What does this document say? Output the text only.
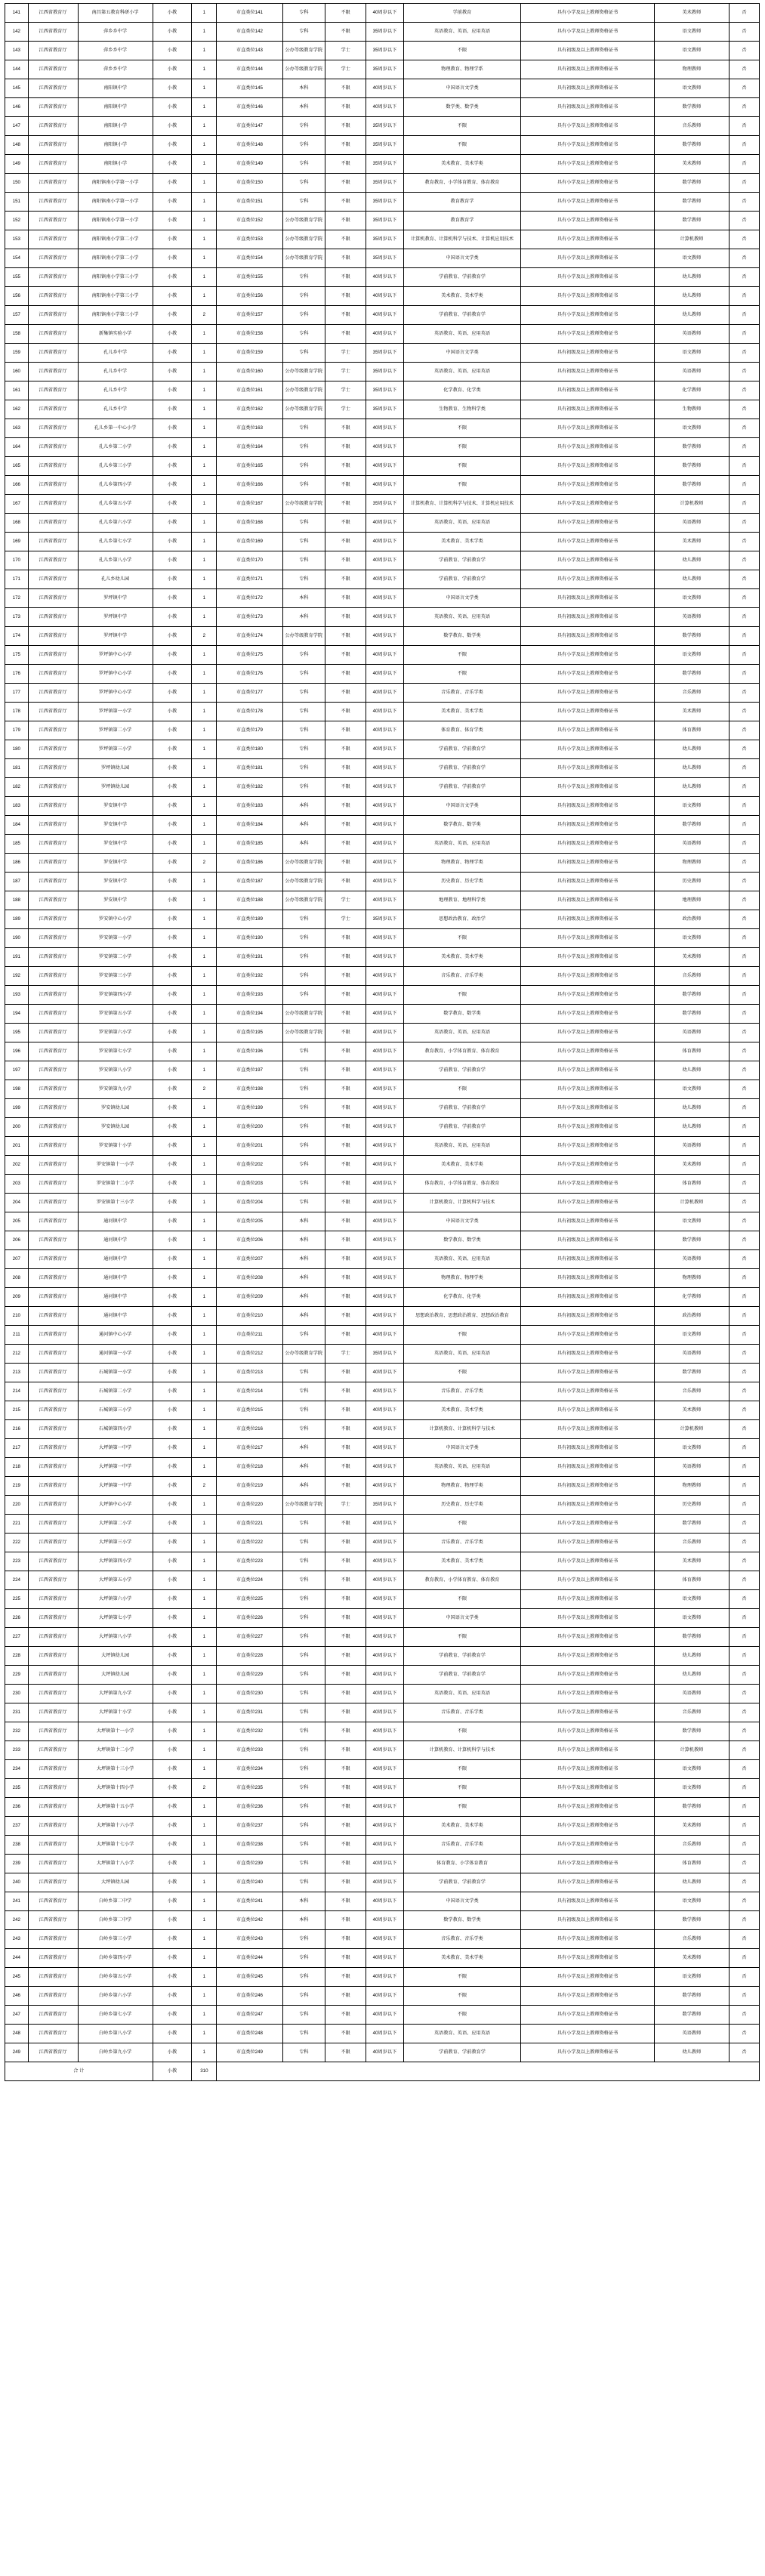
141	江西省教育厅	南昌第五教育科研小学	小教	1	市直类位141	专科	不限	40周岁以下	学前教育	具有小学及以上教师资格证书	美术教师	否
142	江西省教育厅	萍乡乡中学	小教	1	市直类位142	专科	不限	35周岁以下	英语教育、英语、应用英语	具有小学及以上教师资格证书	语文教师	否
143	江西省教育厅	萍乡乡中学	小教	1	市直类位143	公办等级教育学院	学士	35周岁以下	不限	具有初级及以上教师资格证书	语文教师	否
144	江西省教育厅	萍乡乡中学	小教	1	市直类位144	公办等级教育学院	学士	35周岁以下	物理教育、物理学系	具有初级及以上教师资格证书	物理教师	否
145	江西省教育厅	南阳镇中学	小教	1	市直类位145	本科	不限	40周岁以下	中国语言文学类	具有初级及以上教师资格证书	语文教师	否
146	江西省教育厅	南阳镇中学	小教	1	市直类位146	本科	不限	40周岁以下	数学类、数学类	具有初级及以上教师资格证书	数学教师	否
147	江西省教育厅	南阳镇小学	小教	1	市直类位147	专科	不限	35周岁以下	不限	具有小学及以上教师资格证书	音乐教师	否
148	江西省教育厅	南阳镇小学	小教	1	市直类位148	专科	不限	35周岁以下	不限	具有小学及以上教师资格证书	数学教师	否
149	江西省教育厅	南阳镇小学	小教	1	市直类位149	专科	不限	35周岁以下	美术教育、美术学类	具有小学及以上教师资格证书	美术教师	否
150	江西省教育厅	南阳镇南小学第一小学	小教	1	市直类位150	专科	不限	35周岁以下	教育教育、小学体育教育、体育教育	具有小学及以上教师资格证书	数学教师	否
151	江西省教育厅	南阳镇南小学第一小学	小教	1	市直类位151	专科	不限	35周岁以下	教育教育学	具有小学及以上教师资格证书	数学教师	否
152	江西省教育厅	南阳镇南小学第一小学	小教	1	市直类位152	公办等级教育学院	不限	35周岁以下	教育教育学	具有小学及以上教师资格证书	数学教师	否
153	江西省教育厅	南阳镇南小学第二小学	小教	1	市直类位153	公办等级教育学院	不限	35周岁以下	计算机教育、计算机科学与技术、计算机应用技术	具有小学及以上教师资格证书	计算机教师	否
154	江西省教育厅	南阳镇南小学第二小学	小教	1	市直类位154	公办等级教育学院	不限	35周岁以下	中国语言文学类	具有小学及以上教师资格证书	语文教师	否
155	江西省教育厅	南阳镇南小学第三小学	小教	1	市直类位155	专科	不限	40周岁以下	学前教育、学前教育学	具有小学及以上教师资格证书	幼儿教师	否
156	江西省教育厅	南阳镇南小学第三小学	小教	1	市直类位156	专科	不限	40周岁以下	美术教育、美术学类	具有小学及以上教师资格证书	幼儿教师	否
157	江西省教育厅	南阳镇南小学第三小学	小教	2	市直类位157	专科	不限	40周岁以下	学前教育、学前教育学	具有小学及以上教师资格证书	幼儿教师	否
158	江西省教育厅	新集镇实验小学	小教	1	市直类位158	专科	不限	40周岁以下	英语教育、英语、应用英语	具有小学及以上教师资格证书	英语教师	否
159	江西省教育厅	孔儿乡中学	小教	1	市直类位159	专科	学士	35周岁以下	中国语言文学类	具有初级及以上教师资格证书	语文教师	否
160	江西省教育厅	孔儿乡中学	小教	1	市直类位160	公办等级教育学院	学士	35周岁以下	英语教育、英语、应用英语	具有初级及以上教师资格证书	英语教师	否
161	江西省教育厅	孔儿乡中学	小教	1	市直类位161	公办等级教育学院	学士	35周岁以下	化学教育、化学类	具有初级及以上教师资格证书	化学教师	否
162	江西省教育厅	孔儿乡中学	小教	1	市直类位162	公办等级教育学院	学士	35周岁以下	生物教育、生物科学类	具有初级及以上教师资格证书	生物教师	否
163	江西省教育厅	孔儿乡第一中心小学	小教	1	市直类位163	专科	不限	40周岁以下	不限	具有小学及以上教师资格证书	语文教师	否
164	江西省教育厅	孔儿乡第二小学	小教	1	市直类位164	专科	不限	40周岁以下	不限	具有小学及以上教师资格证书	数学教师	否
165	江西省教育厅	孔儿乡第三小学	小教	1	市直类位165	专科	不限	40周岁以下	不限	具有小学及以上教师资格证书	数学教师	否
166	江西省教育厅	孔儿乡第四小学	小教	1	市直类位166	专科	不限	40周岁以下	不限	具有小学及以上教师资格证书	数学教师	否
167	江西省教育厅	孔儿乡第五小学	小教	1	市直类位167	公办等级教育学院	不限	35周岁以下	计算机教育、计算机科学与技术、计算机应用技术	具有小学及以上教师资格证书	计算机教师	否
168	江西省教育厅	孔儿乡第六小学	小教	1	市直类位168	专科	不限	40周岁以下	英语教育、英语、应用英语	具有小学及以上教师资格证书	英语教师	否
169	江西省教育厅	孔儿乡第七小学	小教	1	市直类位169	专科	不限	40周岁以下	美术教育、美术学类	具有小学及以上教师资格证书	美术教师	否
170	江西省教育厅	孔儿乡第八小学	小教	1	市直类位170	专科	不限	40周岁以下	学前教育、学前教育学	具有小学及以上教师资格证书	幼儿教师	否
171	江西省教育厅	孔儿乡幼儿园	小教	1	市直类位171	专科	不限	40周岁以下	学前教育、学前教育学	具有小学及以上教师资格证书	幼儿教师	否
172	江西省教育厅	罗坪镇中学	小教	1	市直类位172	本科	不限	40周岁以下	中国语言文学类	具有初级及以上教师资格证书	语文教师	否
173	江西省教育厅	罗坪镇中学	小教	1	市直类位173	本科	不限	40周岁以下	英语教育、英语、应用英语	具有初级及以上教师资格证书	英语教师	否
174	江西省教育厅	罗坪镇中学	小教	2	市直类位174	公办等级教育学院	不限	40周岁以下	数学教育、数学类	具有初级及以上教师资格证书	数学教师	否
175	江西省教育厅	罗坪镇中心小学	小教	1	市直类位175	专科	不限	40周岁以下	不限	具有小学及以上教师资格证书	语文教师	否
176	江西省教育厅	罗坪镇中心小学	小教	1	市直类位176	专科	不限	40周岁以下	不限	具有小学及以上教师资格证书	数学教师	否
177	江西省教育厅	罗坪镇中心小学	小教	1	市直类位177	专科	不限	40周岁以下	音乐教育、音乐学类	具有小学及以上教师资格证书	音乐教师	否
178	江西省教育厅	罗坪镇第一小学	小教	1	市直类位178	专科	不限	40周岁以下	美术教育、美术学类	具有小学及以上教师资格证书	美术教师	否
179	江西省教育厅	罗坪镇第二小学	小教	1	市直类位179	专科	不限	40周岁以下	体育教育、体育学类	具有小学及以上教师资格证书	体育教师	否
180	江西省教育厅	罗坪镇第三小学	小教	1	市直类位180	专科	不限	40周岁以下	学前教育、学前教育学	具有小学及以上教师资格证书	幼儿教师	否
181	江西省教育厅	罗坪镇幼儿园	小教	1	市直类位181	专科	不限	40周岁以下	学前教育、学前教育学	具有小学及以上教师资格证书	幼儿教师	否
182	江西省教育厅	罗坪镇幼儿园	小教	1	市直类位182	专科	不限	40周岁以下	学前教育、学前教育学	具有小学及以上教师资格证书	幼儿教师	否
183	江西省教育厅	罗安镇中学	小教	1	市直类位183	本科	不限	40周岁以下	中国语言文学类	具有初级及以上教师资格证书	语文教师	否
184	江西省教育厅	罗安镇中学	小教	1	市直类位184	本科	不限	40周岁以下	数学教育、数学类	具有初级及以上教师资格证书	数学教师	否
185	江西省教育厅	罗安镇中学	小教	1	市直类位185	本科	不限	40周岁以下	英语教育、英语、应用英语	具有初级及以上教师资格证书	英语教师	否
186	江西省教育厅	罗安镇中学	小教	2	市直类位186	公办等级教育学院	不限	40周岁以下	物理教育、物理学类	具有初级及以上教师资格证书	物理教师	否
187	江西省教育厅	罗安镇中学	小教	1	市直类位187	公办等级教育学院	不限	40周岁以下	历史教育、历史学类	具有初级及以上教师资格证书	历史教师	否
188	江西省教育厅	罗安镇中学	小教	1	市直类位188	公办等级教育学院	学士	40周岁以下	地理教育、地理科学类	具有初级及以上教师资格证书	地理教师	否
189	江西省教育厅	罗安镇中心小学	小教	1	市直类位189	专科	学士	35周岁以下	思想政治教育、政治学	具有初级及以上教师资格证书	政治教师	否
190	江西省教育厅	罗安镇第一小学	小教	1	市直类位190	专科	不限	40周岁以下	不限	具有小学及以上教师资格证书	语文教师	否
191	江西省教育厅	罗安镇第二小学	小教	1	市直类位191	专科	不限	40周岁以下	美术教育、美术学类	具有小学及以上教师资格证书	美术教师	否
192	江西省教育厅	罗安镇第三小学	小教	1	市直类位192	专科	不限	40周岁以下	音乐教育、音乐学类	具有小学及以上教师资格证书	音乐教师	否
193	江西省教育厅	罗安镇第四小学	小教	1	市直类位193	专科	不限	40周岁以下	不限	具有小学及以上教师资格证书	数学教师	否
194	江西省教育厅	罗安镇第五小学	小教	1	市直类位194	公办等级教育学院	不限	40周岁以下	数学教育、数学类	具有小学及以上教师资格证书	数学教师	否
195	江西省教育厅	罗安镇第六小学	小教	1	市直类位195	公办等级教育学院	不限	40周岁以下	英语教育、英语、应用英语	具有小学及以上教师资格证书	英语教师	否
196	江西省教育厅	罗安镇第七小学	小教	1	市直类位196	专科	不限	40周岁以下	教育教育、小学体育教育、体育教育	具有小学及以上教师资格证书	体育教师	否
197	江西省教育厅	罗安镇第八小学	小教	1	市直类位197	专科	不限	40周岁以下	学前教育、学前教育学	具有小学及以上教师资格证书	幼儿教师	否
198	江西省教育厅	罗安镇第九小学	小教	2	市直类位198	专科	不限	40周岁以下	不限	具有小学及以上教师资格证书	语文教师	否
199	江西省教育厅	罗安镇幼儿园	小教	1	市直类位199	专科	不限	40周岁以下	学前教育、学前教育学	具有小学及以上教师资格证书	幼儿教师	否
200	江西省教育厅	罗安镇幼儿园	小教	1	市直类位200	专科	不限	40周岁以下	学前教育、学前教育学	具有小学及以上教师资格证书	幼儿教师	否
201	江西省教育厅	罗安镇第十小学	小教	1	市直类位201	专科	不限	40周岁以下	英语教育、英语、应用英语	具有小学及以上教师资格证书	英语教师	否
202	江西省教育厅	罗安镇第十一小学	小教	1	市直类位202	专科	不限	40周岁以下	美术教育、美术学类	具有小学及以上教师资格证书	美术教师	否
203	江西省教育厅	罗安镇第十二小学	小教	1	市直类位203	专科	不限	40周岁以下	体育教育、小学体育教育、体育教育	具有小学及以上教师资格证书	体育教师	否
204	江西省教育厅	罗安镇第十三小学	小教	1	市直类位204	专科	不限	40周岁以下	计算机教育、计算机科学与技术	具有小学及以上教师资格证书	计算机教师	否
205	江西省教育厅	通河镇中学	小教	1	市直类位205	本科	不限	40周岁以下	中国语言文学类	具有初级及以上教师资格证书	语文教师	否
206	江西省教育厅	通河镇中学	小教	1	市直类位206	本科	不限	40周岁以下	数学教育、数学类	具有初级及以上教师资格证书	数学教师	否
207	江西省教育厅	通河镇中学	小教	1	市直类位207	本科	不限	40周岁以下	英语教育、英语、应用英语	具有初级及以上教师资格证书	英语教师	否
208	江西省教育厅	通河镇中学	小教	1	市直类位208	本科	不限	40周岁以下	物理教育、物理学类	具有初级及以上教师资格证书	物理教师	否
209	江西省教育厅	通河镇中学	小教	1	市直类位209	本科	不限	40周岁以下	化学教育、化学类	具有初级及以上教师资格证书	化学教师	否
210	江西省教育厅	通河镇中学	小教	1	市直类位210	本科	不限	40周岁以下	思想政治教育、思想政治教育、思想政治教育	具有初级及以上教师资格证书	政治教师	否
211	江西省教育厅	通河镇中心小学	小教	1	市直类位211	专科	不限	40周岁以下	不限	具有小学及以上教师资格证书	语文教师	否
212	江西省教育厅	通河镇第一小学	小教	1	市直类位212	公办等级教育学院	学士	35周岁以下	英语教育、英语、应用英语	具有初级及以上教师资格证书	英语教师	否
213	江西省教育厅	石城镇第一小学	小教	1	市直类位213	专科	不限	40周岁以下	不限	具有小学及以上教师资格证书	数学教师	否
214	江西省教育厅	石城镇第二小学	小教	1	市直类位214	专科	不限	40周岁以下	音乐教育、音乐学类	具有小学及以上教师资格证书	音乐教师	否
215	江西省教育厅	石城镇第三小学	小教	1	市直类位215	专科	不限	40周岁以下	美术教育、美术学类	具有小学及以上教师资格证书	美术教师	否
216	江西省教育厅	石城镇第四小学	小教	1	市直类位216	专科	不限	40周岁以下	计算机教育、计算机科学与技术	具有小学及以上教师资格证书	计算机教师	否
217	江西省教育厅	大坪镇第一中学	小教	1	市直类位217	本科	不限	40周岁以下	中国语言文学类	具有初级及以上教师资格证书	语文教师	否
218	江西省教育厅	大坪镇第一中学	小教	1	市直类位218	本科	不限	40周岁以下	英语教育、英语、应用英语	具有初级及以上教师资格证书	英语教师	否
219	江西省教育厅	大坪镇第一中学	小教	2	市直类位219	本科	不限	40周岁以下	物理教育、物理学类	具有初级及以上教师资格证书	物理教师	否
220	江西省教育厅	大坪镇中心小学	小教	1	市直类位220	公办等级教育学院	学士	35周岁以下	历史教育、历史学类	具有初级及以上教师资格证书	历史教师	否
221	江西省教育厅	大坪镇第二小学	小教	1	市直类位221	专科	不限	40周岁以下	不限	具有小学及以上教师资格证书	数学教师	否
222	江西省教育厅	大坪镇第三小学	小教	1	市直类位222	专科	不限	40周岁以下	音乐教育、音乐学类	具有小学及以上教师资格证书	音乐教师	否
223	江西省教育厅	大坪镇第四小学	小教	1	市直类位223	专科	不限	40周岁以下	美术教育、美术学类	具有小学及以上教师资格证书	美术教师	否
224	江西省教育厅	大坪镇第五小学	小教	1	市直类位224	专科	不限	40周岁以下	教育教育、小学体育教育、体育教育	具有小学及以上教师资格证书	体育教师	否
225	江西省教育厅	大坪镇第六小学	小教	1	市直类位225	专科	不限	40周岁以下	不限	具有小学及以上教师资格证书	语文教师	否
226	江西省教育厅	大坪镇第七小学	小教	1	市直类位226	专科	不限	40周岁以下	中国语言文学类	具有小学及以上教师资格证书	语文教师	否
227	江西省教育厅	大坪镇第八小学	小教	1	市直类位227	专科	不限	40周岁以下	不限	具有小学及以上教师资格证书	数学教师	否
228	江西省教育厅	大坪镇幼儿园	小教	1	市直类位228	专科	不限	40周岁以下	学前教育、学前教育学	具有小学及以上教师资格证书	幼儿教师	否
229	江西省教育厅	大坪镇幼儿园	小教	1	市直类位229	专科	不限	40周岁以下	学前教育、学前教育学	具有小学及以上教师资格证书	幼儿教师	否
230	江西省教育厅	大坪镇第九小学	小教	1	市直类位230	专科	不限	40周岁以下	英语教育、英语、应用英语	具有小学及以上教师资格证书	英语教师	否
231	江西省教育厅	大坪镇第十小学	小教	1	市直类位231	专科	不限	40周岁以下	音乐教育、音乐学类	具有小学及以上教师资格证书	音乐教师	否
232	江西省教育厅	大坪镇第十一小学	小教	1	市直类位232	专科	不限	40周岁以下	不限	具有小学及以上教师资格证书	数学教师	否
233	江西省教育厅	大坪镇第十二小学	小教	1	市直类位233	专科	不限	40周岁以下	计算机教育、计算机科学与技术	具有小学及以上教师资格证书	计算机教师	否
234	江西省教育厅	大坪镇第十三小学	小教	1	市直类位234	专科	不限	40周岁以下	不限	具有小学及以上教师资格证书	语文教师	否
235	江西省教育厅	大坪镇第十四小学	小教	2	市直类位235	专科	不限	40周岁以下	不限	具有小学及以上教师资格证书	语文教师	否
236	江西省教育厅	大坪镇第十五小学	小教	1	市直类位236	专科	不限	40周岁以下	不限	具有小学及以上教师资格证书	数学教师	否
237	江西省教育厅	大坪镇第十六小学	小教	1	市直类位237	专科	不限	40周岁以下	美术教育、美术学类	具有小学及以上教师资格证书	美术教师	否
238	江西省教育厅	大坪镇第十七小学	小教	1	市直类位238	专科	不限	40周岁以下	音乐教育、音乐学类	具有小学及以上教师资格证书	音乐教师	否
239	江西省教育厅	大坪镇第十八小学	小教	1	市直类位239	专科	不限	40周岁以下	体育教育、小学体育教育	具有小学及以上教师资格证书	体育教师	否
240	江西省教育厅	大坪镇幼儿园	小教	1	市直类位240	专科	不限	40周岁以下	学前教育、学前教育学	具有小学及以上教师资格证书	幼儿教师	否
241	江西省教育厅	白岭乡第二中学	小教	1	市直类位241	本科	不限	40周岁以下	中国语言文学类	具有初级及以上教师资格证书	语文教师	否
242	江西省教育厅	白岭乡第二中学	小教	1	市直类位242	本科	不限	40周岁以下	数学教育、数学类	具有初级及以上教师资格证书	数学教师	否
243	江西省教育厅	白岭乡第三小学	小教	1	市直类位243	专科	不限	40周岁以下	音乐教育、音乐学类	具有小学及以上教师资格证书	音乐教师	否
244	江西省教育厅	白岭乡第四小学	小教	1	市直类位244	专科	不限	40周岁以下	美术教育、美术学类	具有小学及以上教师资格证书	美术教师	否
245	江西省教育厅	白岭乡第五小学	小教	1	市直类位245	专科	不限	40周岁以下	不限	具有小学及以上教师资格证书	语文教师	否
246	江西省教育厅	白岭乡第六小学	小教	1	市直类位246	专科	不限	40周岁以下	不限	具有小学及以上教师资格证书	数学教师	否
247	江西省教育厅	白岭乡第七小学	小教	1	市直类位247	专科	不限	40周岁以下	不限	具有小学及以上教师资格证书	数学教师	否
248	江西省教育厅	白岭乡第八小学	小教	1	市直类位248	专科	不限	40周岁以下	英语教育、英语、应用英语	具有小学及以上教师资格证书	英语教师	否
249	江西省教育厅	白岭乡第九小学	小教	1	市直类位249	专科	不限	40周岁以下	学前教育、学前教育学	具有小学及以上教师资格证书	幼儿教师	否
合 计			小教	310								
